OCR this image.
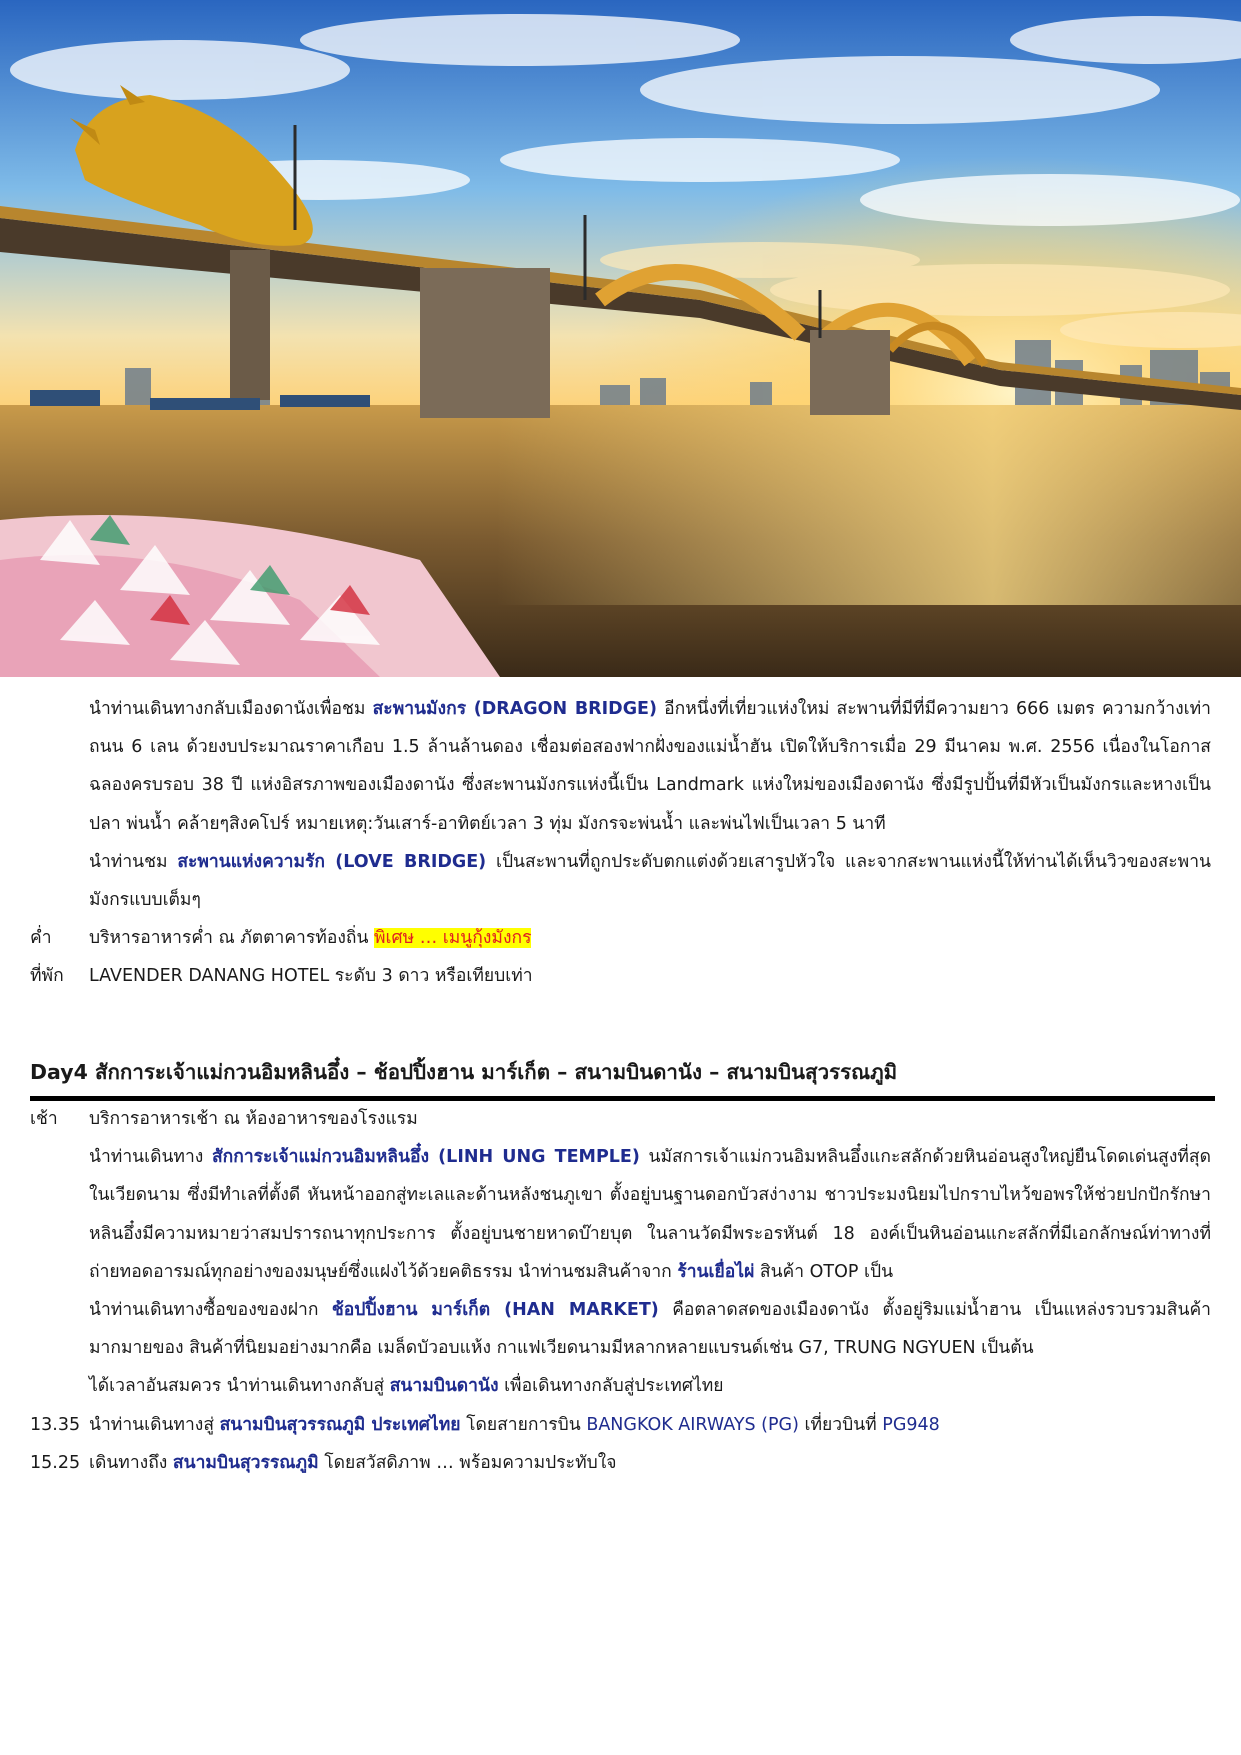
นำท่านเดินทางกลับเมืองดานังเพื่อชม สะพานมังกร (DRAGON BRIDGE) อีกหนึ่งที่เที่ยวแห่งใหม่ สะพานที่มีที่มีความยาว 666 เมตร ความกว้างเท่าถนน 6 เลน ด้วยงบประมาณราคาเกือบ 1.5 ล้านล้านดอง เชื่อมต่อสองฟากฝั่งของแม่น้ำฮัน เปิดให้บริการเมื่อ 29 มีนาคม พ.ศ. 2556 เนื่องในโอกาสฉลองครบรอบ 38 ปี แห่งอิสรภาพของเมืองดานัง ซึ่งสะพานมังกรแห่งนี้เป็น Landmark แห่งใหม่ของเมืองดานัง ซึ่งมีรูปปั้นที่มีหัวเป็นมังกรและหางเป็นปลา พ่นน้ำ คล้ายๆสิงคโปร์ หมายเหตุ:วันเสาร์-อาทิตย์เวลา 3 ทุ่ม มังกรจะพ่นน้ำ และพ่นไฟเป็นเวลา 5 นาที
นำท่านชม สะพานแห่งความรัก (LOVE BRIDGE) เป็นสะพานที่ถูกประดับตกแต่งด้วยเสารูปหัวใจ และจากสะพานแห่งนี้ให้ท่านได้เห็นวิวของสะพานมังกรแบบเต็มๆ
ค่ำ	บริหารอาหารค่ำ ณ ภัตตาคารท้องถิ่น พิเศษ … เมนูกุ้งมังกร
ที่พัก	LAVENDER DANANG HOTEL ระดับ 3 ดาว หรือเทียบเท่า
Day4 สักการะเจ้าแม่กวนอิมหลินอึ๋ง – ช้อปปิ้งฮาน มาร์เก็ต – สนามบินดานัง – สนามบินสุวรรณภูมิ
เช้า	บริการอาหารเช้า ณ ห้องอาหารของโรงแรม
นำท่านเดินทาง สักการะเจ้าแม่กวนอิมหลินอึ๋ง (LINH UNG TEMPLE) นมัสการเจ้าแม่กวนอิมหลินอึ๋งแกะสลักด้วยหินอ่อนสูงใหญ่ยืนโดดเด่นสูงที่สุดในเวียดนาม ซึ่งมีทำเลที่ตั้งดี หันหน้าออกสู่ทะเลและด้านหลังชนภูเขา ตั้งอยู่บนฐานดอกบัวสง่างาม ชาวประมงนิยมไปกราบไหว้ขอพรให้ช่วยปกปักรักษา หลินอึ๋งมีความหมายว่าสมปรารถนาทุกประการ ตั้งอยู่บนชายหาดบ๊ายบุต ในลานวัดมีพระอรหันต์ 18 องค์เป็นหินอ่อนแกะสลักที่มีเอกลักษณ์ท่าทางที่ถ่ายทอดอารมณ์ทุกอย่างของมนุษย์ซึ่งแฝงไว้ด้วยคติธรรม นำท่านชมสินค้าจาก ร้านเยื่อไผ่ สินค้า OTOP เป็น
นำท่านเดินทางซื้อของของฝาก ช้อปปิ้งฮาน มาร์เก็ต (HAN MARKET) คือตลาดสดของเมืองดานัง ตั้งอยู่ริมแม่น้ำฮาน เป็นแหล่งรวบรวมสินค้ามากมายของ สินค้าที่นิยมอย่างมากคือ เมล็ดบัวอบแห้ง กาแฟเวียดนามมีหลากหลายแบรนด์เช่น G7, TRUNG NGYUEN เป็นต้น
ได้เวลาอันสมควร นำท่านเดินทางกลับสู่ สนามบินดานัง เพื่อเดินทางกลับสู่ประเทศไทย
13.35 นำท่านเดินทางสู่ สนามบินสุวรรณภูมิ ประเทศไทย โดยสายการบิน BANGKOK AIRWAYS (PG) เที่ยวบินที่ PG948
15.25 เดินทางถึง สนามบินสุวรรณภูมิ โดยสวัสดิภาพ … พร้อมความประทับใจ
